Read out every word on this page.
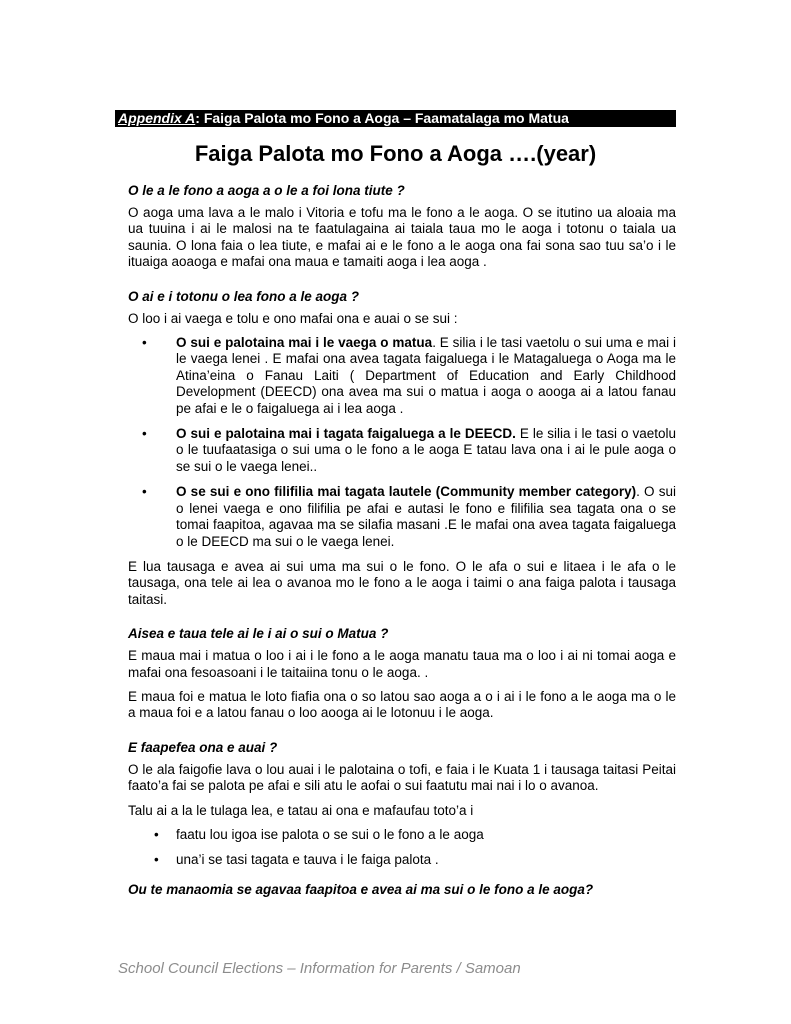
Appendix A: Faiga Palota mo Fono a Aoga – Faamatalaga mo Matua
Faiga Palota mo Fono a Aoga ….(year)
O le a le fono a aoga a o le a foi lona tiute ?

O aoga uma lava a le malo i Vitoria e tofu ma le fono a le aoga. O se itutino ua aloaia ma ua tuuina i ai le malosi na te faatulagaina ai taiala taua mo le aoga i totonu o taiala ua saunia. O lona faia o lea tiute, e mafai ai e le fono a le aoga ona fai sona sao tuu sa’o i le ituaiga aoaoga e mafai ona maua e tamaiti aoga i lea aoga .

O ai e i totonu o lea fono a le aoga ?

O loo i ai vaega e tolu e ono mafai ona e auai o se sui :

• O sui e palotaina mai i le vaega o matua. E silia i le tasi vaetolu o sui uma e mai i le vaega lenei . E mafai ona avea tagata faigaluega i le Matagaluega o Aoga ma le Atina’eina o Fanau Laiti ( Department of Education and Early Childhood Development (DEECD) ona avea ma sui o matua i aoga o aooga ai a latou fanau pe afai e le o faigaluega ai i lea aoga .
• O sui e palotaina mai i tagata faigaluega a le DEECD. E le silia i le tasi o vaetolu o le tuufaatasiga o sui uma o le fono a le aoga E tatau lava ona i ai le pule aoga o se sui o le vaega lenei..
• O se sui e ono filifilia mai tagata lautele (Community member category). O sui o lenei vaega e ono filifilia pe afai e autasi le fono e filifilia sea tagata ona o se tomai faapitoa, agavaa ma se silafia masani .E le mafai ona avea tagata faigaluega o le DEECD ma sui o le vaega lenei.

E lua tausaga e avea ai sui uma ma sui o le fono. O le afa o sui e litaea i le afa o le tausaga, ona tele ai lea o avanoa mo le fono a le aoga i taimi o ana faiga palota i tausaga taitasi.

Aisea e taua tele ai le i ai o sui o Matua ?

E maua mai i matua o loo i ai i le fono a le aoga manatu taua ma o loo i ai ni tomai aoga e mafai ona fesoasoani i le taitaiina tonu o le aoga. .

E maua foi e matua le loto fiafia ona o so latou sao aoga a o i ai i le fono a le aoga ma o le a maua foi e a latou fanau o loo aooga ai le lotonuu i le aoga.

E faapefea ona e auai ?

O le ala faigofie lava o lou auai i le palotaina o tofi, e faia i le Kuata 1 i tausaga taitasi Peitai faato’a fai se palota pe afai e sili atu le aofai o sui faatutu mai nai i lo o avanoa.

Talu ai a la le tulaga lea, e tatau ai ona e mafaufau toto’a i

• faatu lou igoa ise palota o se sui o le fono a le aoga
• una’i se tasi tagata e tauva i le faiga palota .
Ou te manaomia se agavaa faapitoa e avea ai ma sui o le fono a le aoga?
School Council Elections – Information for Parents / Samoan
